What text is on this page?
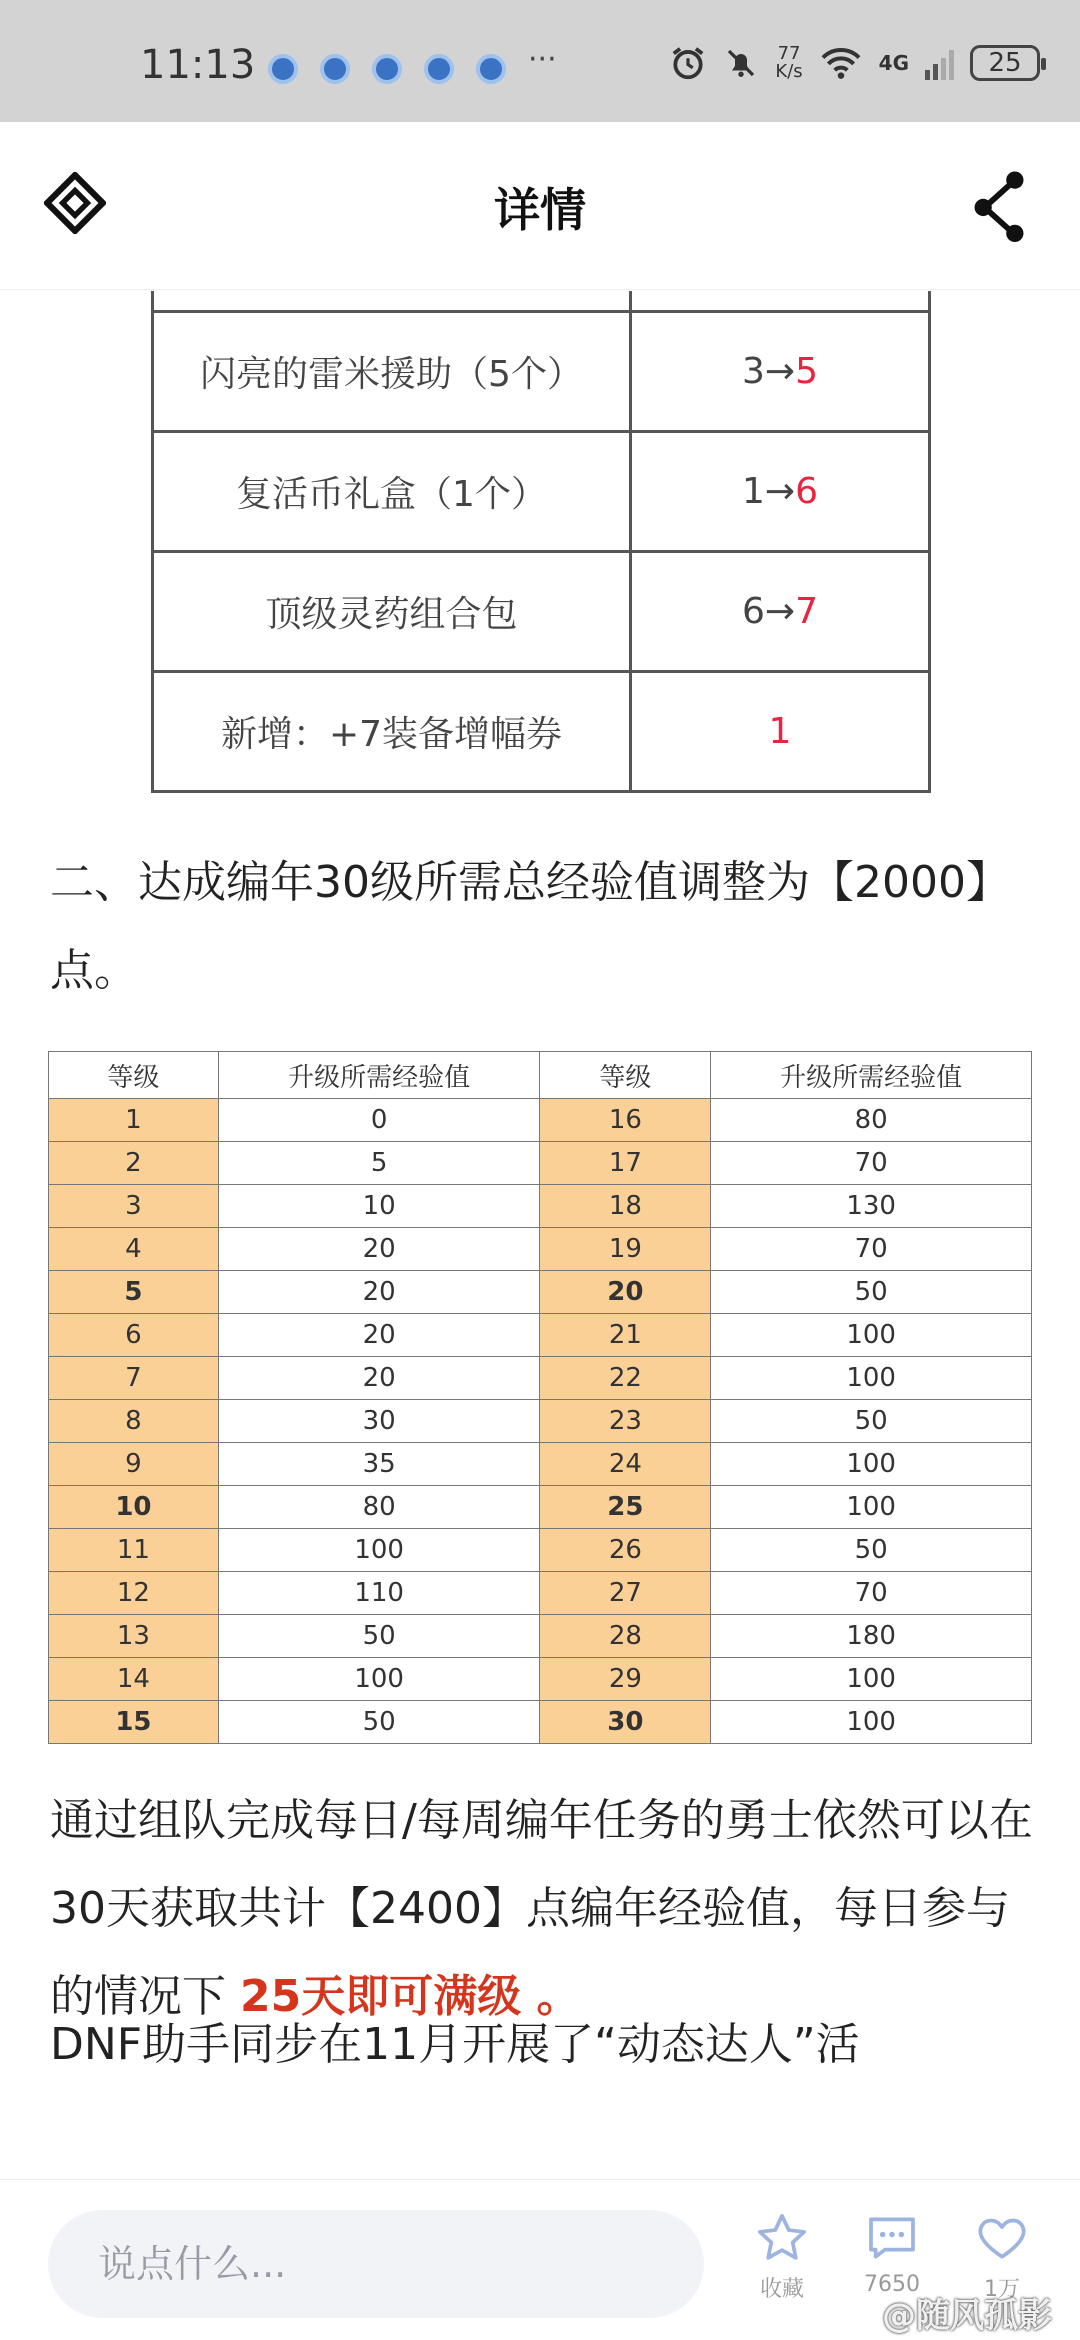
11:13	···	77
K/s	4G	25
详情

闪亮的雷米援助（5个）	3→5
复活币礼盒（1个）	1→6
顶级灵药组合包	6→7
新增：+7装备增幅券	1

二、达成编年30级所需总经验值调整为【2000】点。

等级	升级所需经验值	等级	升级所需经验值
1	0	16	80
2	5	17	70
3	10	18	130
4	20	19	70
5	20	20	50
6	20	21	100
7	20	22	100
8	30	23	50
9	35	24	100
10	80	25	100
11	100	26	50
12	110	27	70
13	50	28	180
14	100	29	100
15	50	30	100

通过组队完成每日/每周编年任务的勇士依然可以在30天获取共计【2400】点编年经验值，每日参与的情况下 25天即可满级 。

DNF助手同步在11月开展了“动态达人”活

说点什么...
收藏	7650	1万
@随风孤影
